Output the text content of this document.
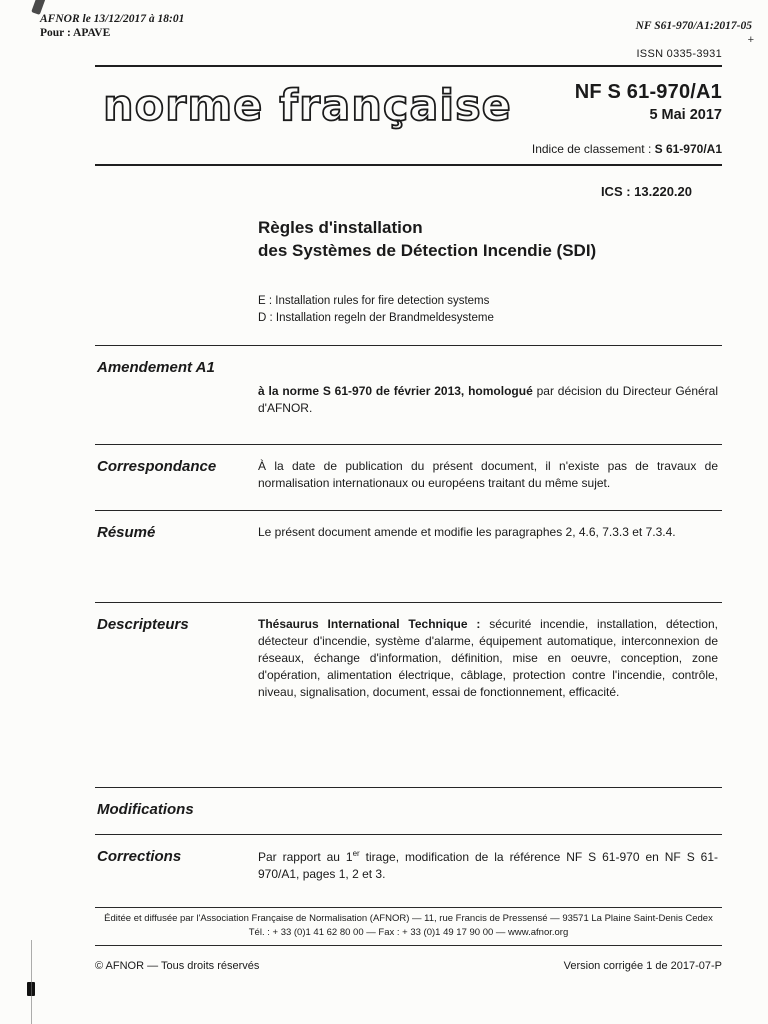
AFNOR le 13/12/2017 à 18:01
Pour : APAVE
NF S61-970/A1:2017-05
+
ISSN 0335-3931
norme française	NF S 61-970/A1
5 Mai 2017
Indice de classement : S 61-970/A1
ICS : 13.220.20
Règles d'installation
des Systèmes de Détection Incendie (SDI)
E : Installation rules for fire detection systems
D : Installation regeln der Brandmeldesysteme
Amendement A1
à la norme S 61-970 de février 2013, homologué par décision du Directeur Général d'AFNOR.
Correspondance	À la date de publication du présent document, il n'existe pas de travaux de normalisation internationaux ou européens traitant du même sujet.
Résumé	Le présent document amende et modifie les paragraphes 2, 4.6, 7.3.3 et 7.3.4.
Descripteurs	Thésaurus International Technique : sécurité incendie, installation, détection, détecteur d'incendie, système d'alarme, équipement automatique, interconnexion de réseaux, échange d'information, définition, mise en oeuvre, conception, zone d'opération, alimentation électrique, câblage, protection contre l'incendie, contrôle, niveau, signalisation, document, essai de fonctionnement, efficacité.
Modifications
Corrections	Par rapport au 1er tirage, modification de la référence NF S 61-970 en NF S 61-970/A1, pages 1, 2 et 3.
Éditée et diffusée par l'Association Française de Normalisation (AFNOR) — 11, rue Francis de Pressensé — 93571 La Plaine Saint-Denis Cedex
Tél. : + 33 (0)1 41 62 80 00 — Fax : + 33 (0)1 49 17 90 00 — www.afnor.org
© AFNOR — Tous droits réservés	Version corrigée 1 de 2017-07-P
